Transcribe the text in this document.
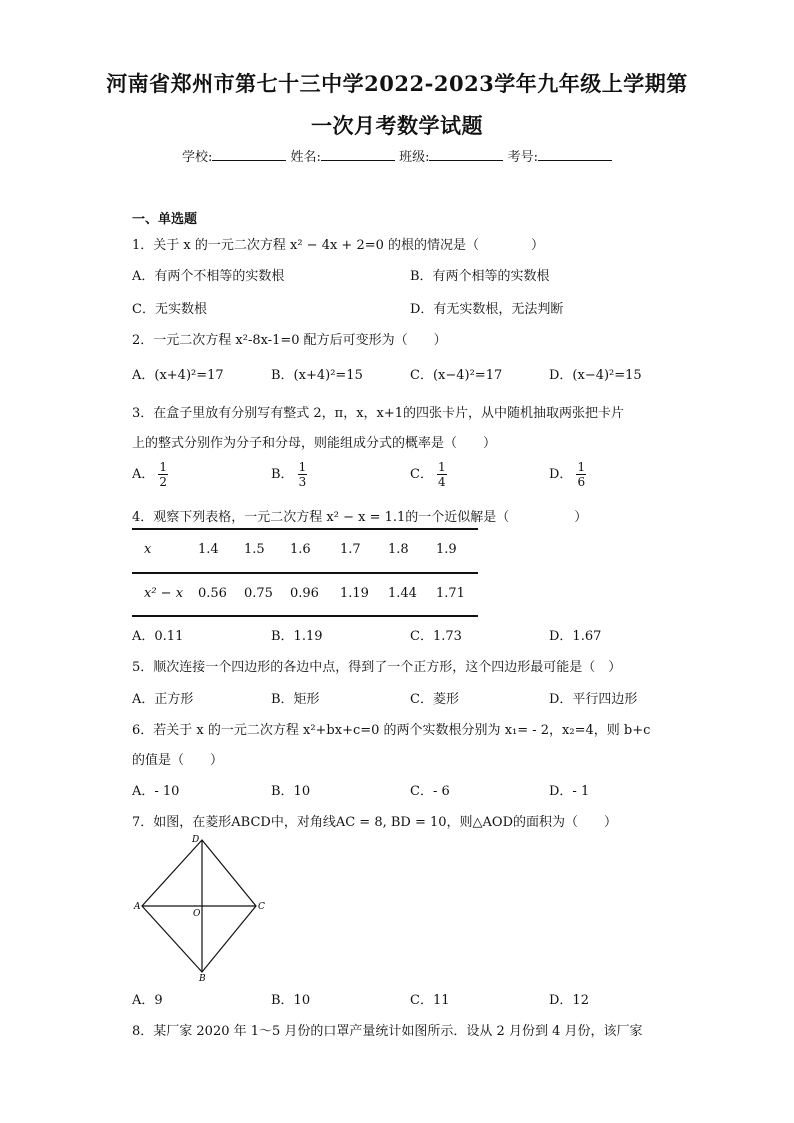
河南省郑州市第七十三中学2022-2023学年九年级上学期第
一次月考数学试题
学校:	姓名:	班级:	考号:
一、单选题
1．关于 x 的一元二次方程 x² − 4x + 2=0 的根的情况是（　　　　）
A．有两个不相等的实数根	B．有两个相等的实数根
C．无实数根	D．有无实数根，无法判断
2．一元二次方程 x²-8x-1=0 配方后可变形为（　　）
A．(x+4)²=17	B．(x+4)²=15	C．(x−4)²=17	D．(x−4)²=15
3．在盒子里放有分别写有整式 2，π，x，x+1的四张卡片，从中随机抽取两张把卡片
上的整式分别作为分子和分母，则能组成分式的概率是（　　）
A． $\frac{1}{2}$	B． $\frac{1}{3}$	C． $\frac{1}{4}$	D． $\frac{1}{6}$
4．观察下列表格，一元二次方程 x² − x = 1.1的一个近似解是（　　　　　）
x	1.4 1.5 1.6 1.7 1.8 1.9
x² − x 0.56 0.75 0.96 1.19 1.44 1.71
A．0.11	B．1.19	C．1.73	D．1.67
5．顺次连接一个四边形的各边中点，得到了一个正方形，这个四边形最可能是（　）
A．正方形	B．矩形	C．菱形	D．平行四边形
6．若关于 x 的一元二次方程 x²+bx+c=0 的两个实数根分别为 x₁= - 2，x₂=4，则 b+c
的值是（　　）
A．- 10	B．10	C．- 6	D．- 1
7．如图，在菱形ABCD中，对角线AC = 8, BD = 10，则△AOD的面积为（　　）
D
A	C
O
B
A．9	B．10	C．11	D．12
8．某厂家 2020 年 1～5 月份的口罩产量统计如图所示．设从 2 月份到 4 月份，该厂家
